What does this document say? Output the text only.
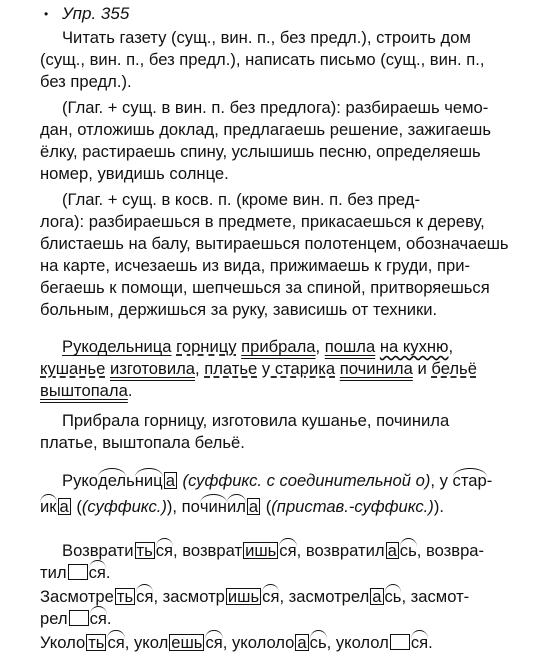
• Упр. 355
Читать газету (сущ., вин. п., без предл.), строить дом
(сущ., вин. п., без предл.), написать письмо (сущ., вин. п.,
без предл.).
(Глаг. + сущ. в вин. п. без предлога): разбираешь чемо-
дан, отложишь доклад, предлагаешь решение, зажигаешь
ёлку, растираешь спину, услышишь песню, определяешь
номер, увидишь солнце.
(Глаг. + сущ. в косв. п. (кроме вин. п. без пред-
лога): разбираешься в предмете, прикасаешься к дереву,
блистаешь на балу, вытираешься полотенцем, обозначаешь
на карте, исчезаешь из вида, прижимаешь к груди, при-
бегаешь к помощи, шепчешься за спиной, притворяешься
больным, держишься за руку, зависишь от техники.
Рукодельница горницу прибрала, пошла на кухню,
кушанье изготовила, платье у старика починила и бельё
выштопала.
Прибрала горницу, изготовила кушанье, починила
платье, выштопала бельё.
Рукодельниц а (суффикс. с соединительной о), у стар-
ик а ((суффикс.)), починил а ((пристав.-суффикс.)).
Возврати ть ся, возврат ишь ся, возвратил а сь, возвра-
тил ся.
Засмотре ть ся, засмотр ишь ся, засмотрел а сь, засмот-
рел ся.
Уколо ть ся, укол ешь ся, укололо а сь, уколол ся.
